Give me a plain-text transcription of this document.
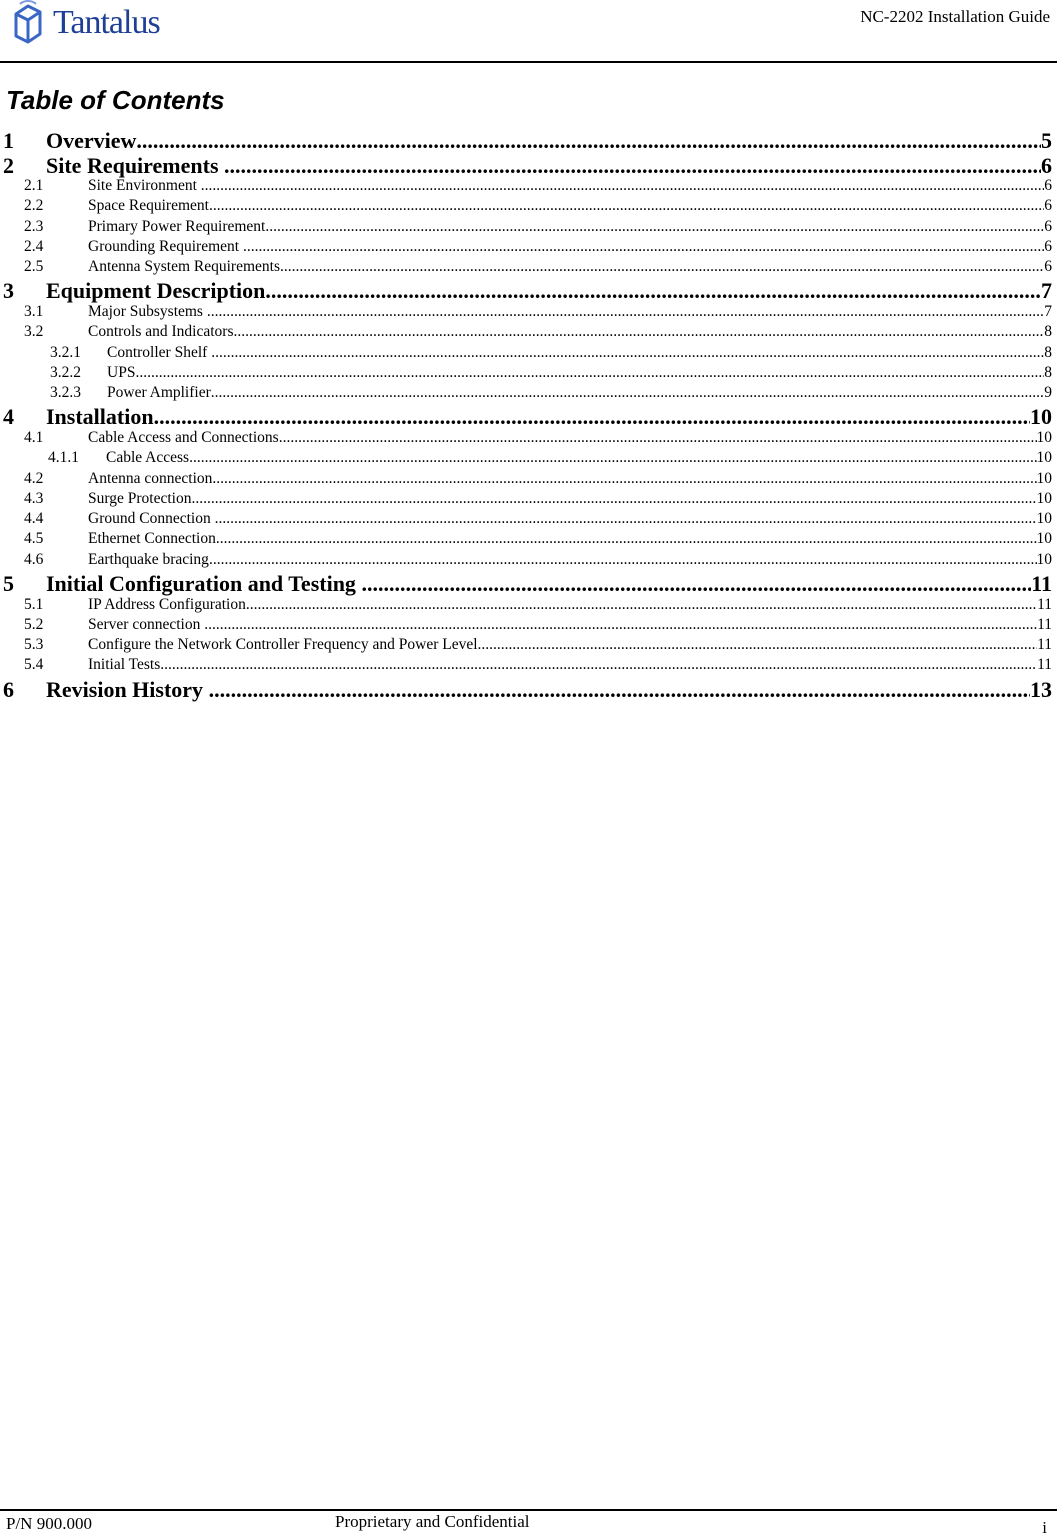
Tantalus	NC-2202 Installation Guide
Table of Contents
1	Overview .....	5
2	Site Requirements .....	6
2.1	Site Environment .....	6
2.2	Space Requirement .....	6
2.3	Primary Power Requirement .....	6
2.4	Grounding Requirement .....	6
2.5	Antenna System Requirements .....	6
3	Equipment Description .....	7
3.1	Major Subsystems .....	7
3.2	Controls and Indicators .....	8
3.2.1	Controller Shelf .....	8
3.2.2	UPS .....	8
3.2.3	Power Amplifier .....	9
4	Installation .....	10
4.1	Cable Access and Connections .....	10
4.1.1	Cable Access .....	10
4.2	Antenna connection .....	10
4.3	Surge Protection .....	10
4.4	Ground Connection .....	10
4.5	Ethernet Connection .....	10
4.6	Earthquake bracing .....	10
5	Initial Configuration and Testing .....	11
5.1	IP Address Configuration .....	11
5.2	Server connection .....	11
5.3	Configure the Network Controller Frequency and Power Level .....	11
5.4	Initial Tests .....	11
6	Revision History .....	13
P/N 900.000	Proprietary and Confidential	i
